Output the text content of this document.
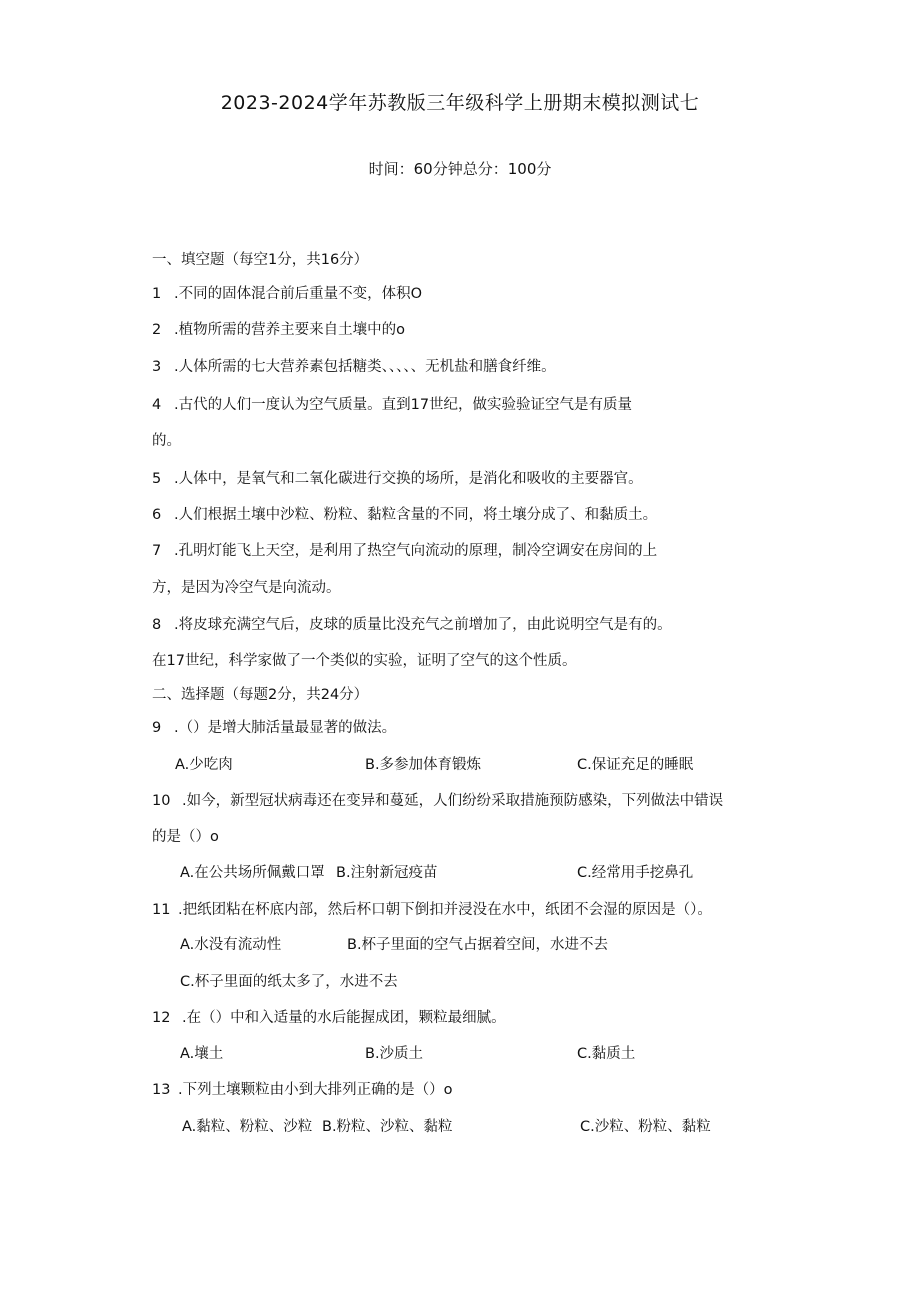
2023-2024学年苏教版三年级科学上册期末模拟测试七
时间：60分钟总分：100分
一、填空题（每空1分，共16分）
1 .不同的固体混合前后重量不变，体积O
2 .植物所需的营养主要来自土壤中的o
3 .人体所需的七大营养素包括糖类、、、、、无机盐和膳食纤维。
4 .古代的人们一度认为空气质量。直到17世纪，做实验验证空气是有质量
的。
5 .人体中，是氧气和二氧化碳进行交换的场所，是消化和吸收的主要器官。
6 .人们根据土壤中沙粒、粉粒、黏粒含量的不同，将土壤分成了、和黏质土。
7 .孔明灯能飞上天空，是利用了热空气向流动的原理，制冷空调安在房间的上
方，是因为冷空气是向流动。
8 .将皮球充满空气后，皮球的质量比没充气之前增加了，由此说明空气是有的。
在17世纪，科学家做了一个类似的实验，证明了空气的这个性质。
二、选择题（每题2分，共24分）
9 .（）是增大肺活量最显著的做法。
A.少吃肉	B.多参加体育锻炼	C.保证充足的睡眠
10 .如今，新型冠状病毒还在变异和蔓延，人们纷纷采取措施预防感染，下列做法中错误
的是（）o
A.在公共场所佩戴口罩 B.注射新冠疫苗	C.经常用手挖鼻孔
11 .把纸团粘在杯底内部，然后杯口朝下倒扣并浸没在水中，纸团不会湿的原因是（）。
A.水没有流动性	B.杯子里面的空气占据着空间，水进不去
C.杯子里面的纸太多了，水进不去
12 .在（）中和入适量的水后能握成团，颗粒最细腻。
A.壤土	B.沙质土	C.黏质土
13 .下列土壤颗粒由小到大排列正确的是（）o
A.黏粒、粉粒、沙粒 B.粉粒、沙粒、黏粒	C.沙粒、粉粒、黏粒
